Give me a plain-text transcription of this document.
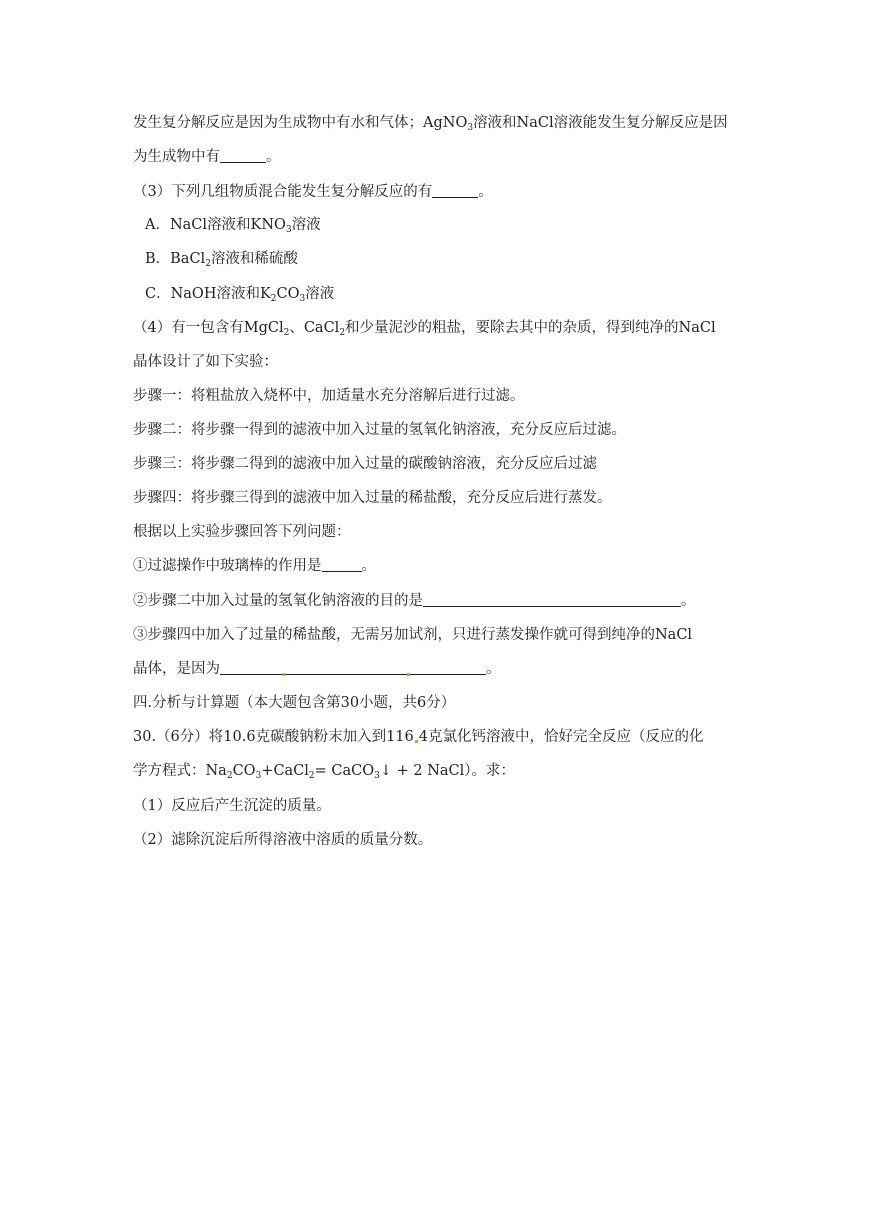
发生复分解反应是因为生成物中有水和气体；AgNO$_3$溶液和NaCl溶液能发生复分解反应是因
为生成物中有	。
（3）下列几组物质混合能发生复分解反应的有	。
A．NaCl溶液和$KNO_3$溶液
B．BaCl$_2$溶液和稀硫酸
C．NaOH溶液和$K_2CO_3$溶液
（4）有一包含有MgCl$_2$、CaCl$_2$和少量泥沙的粗盐，要除去其中的杂质，得到纯净的NaCl
晶体设计了如下实验：
步骤一：将粗盐放入烧杯中，加适量水充分溶解后进行过滤。
步骤二：将步骤一得到的滤液中加入过量的氢氧化钠溶液，充分反应后过滤。
步骤三：将步骤二得到的滤液中加入过量的碳酸钠溶液，充分反应后过滤
步骤四：将步骤三得到的滤液中加入过量的稀盐酸，充分反应后进行蒸发。
根据以上实验步骤回答下列问题：
①过滤操作中玻璃棒的作用是	。
②步骤二中加入过量的氢氧化钠溶液的目的是	。
③步骤四中加入了过量的稀盐酸，无需另加试剂，只进行蒸发操作就可得到纯净的NaCl
晶体，是因为	。
四.分析与计算题（本大题包含第30小题，共6分）
30.（6分）将10.6克碳酸钠粉末加入到116 4克氯化钙溶液中，恰好完全反应（反应的化
学方程式：$Na_2CO_3+CaCl_2=$ CaCO$_3$↓ + 2 NaCl）。求：
（1）反应后产生沉淀的质量。
（2）滤除沉淀后所得溶液中溶质的质量分数。
